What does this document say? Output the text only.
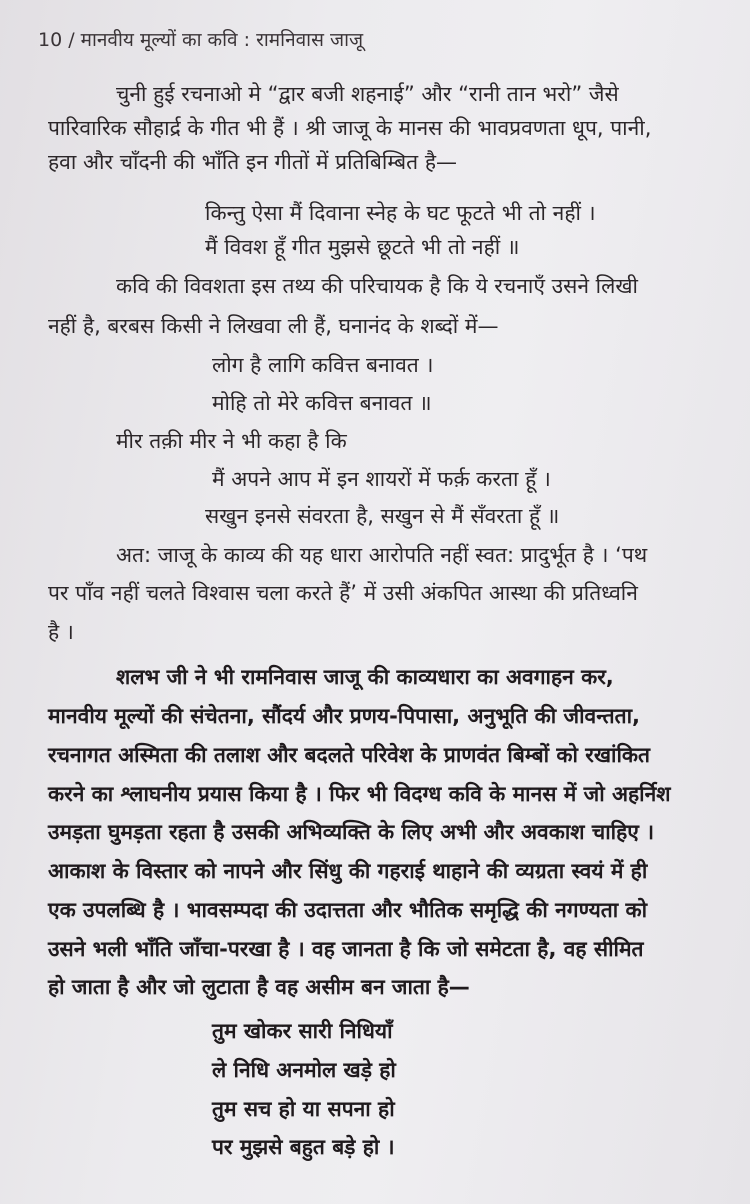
10 / मानवीय मूल्यों का कवि : रामनिवास जाजू
चुनी हुई रचनाओ मे “द्वार बजी शहनाई” और “रानी तान भरो” जैसे
पारिवारिक सौहार्द्र के गीत भी हैं । श्री जाजू के मानस की भावप्रवणता धूप, पानी,
हवा और चाँदनी की भाँति इन गीतों में प्रतिबिम्बित है—
किन्तु ऐसा मैं दिवाना स्नेह के घट फूटते भी तो नहीं ।
मैं विवश हूँ गीत मुझसे छूटते भी तो नहीं ॥
कवि की विवशता इस तथ्य की परिचायक है कि ये रचनाएँ उसने लिखी
नहीं है, बरबस किसी ने लिखवा ली हैं, घनानंद के शब्दों में—
लोग है लागि कवित्त बनावत ।
मोहि तो मेरे कवित्त बनावत ॥
मीर तक़ी मीर ने भी कहा है कि
मैं अपने आप में इन शायरों में फर्क़ करता हूँ ।
सखुन इनसे संवरता है, सखुन से मैं सँवरता हूँ ॥
अत: जाजू के काव्य की यह धारा आरोपति नहीं स्वत: प्रादुर्भूत है । ‘पथ
पर पाँव नहीं चलते विश्वास चला करते हैं’ में उसी अंकपित आस्था की प्रतिध्वनि
है ।
शलभ जी ने भी रामनिवास जाजू की काव्यधारा का अवगाहन कर,
मानवीय मूल्यों की संचेतना, सौंदर्य और प्रणय-पिपासा, अनुभूति की जीवन्तता,
रचनागत अस्मिता की तलाश और बदलते परिवेश के प्राणवंत बिम्बों को रखांकित
करने का श्लाघनीय प्रयास किया है । फिर भी विदग्ध कवि के मानस में जो अहर्निश
उमड़ता घुमड़ता रहता है उसकी अभिव्यक्ति के लिए अभी और अवकाश चाहिए ।
आकाश के विस्तार को नापने और सिंधु की गहराई थाहाने की व्यग्रता स्वयं में ही
एक उपलब्धि है । भावसम्पदा की उदात्तता और भौतिक समृद्धि की नगण्यता को
उसने भली भाँति जाँचा-परखा है । वह जानता है कि जो समेटता है, वह सीमित
हो जाता है और जो लुटाता है वह असीम बन जाता है—
तुम खोकर सारी निधियाँ
ले निधि अनमोल खड़े हो
तुम सच हो या सपना हो
पर मुझसे बहुत बड़े हो ।
